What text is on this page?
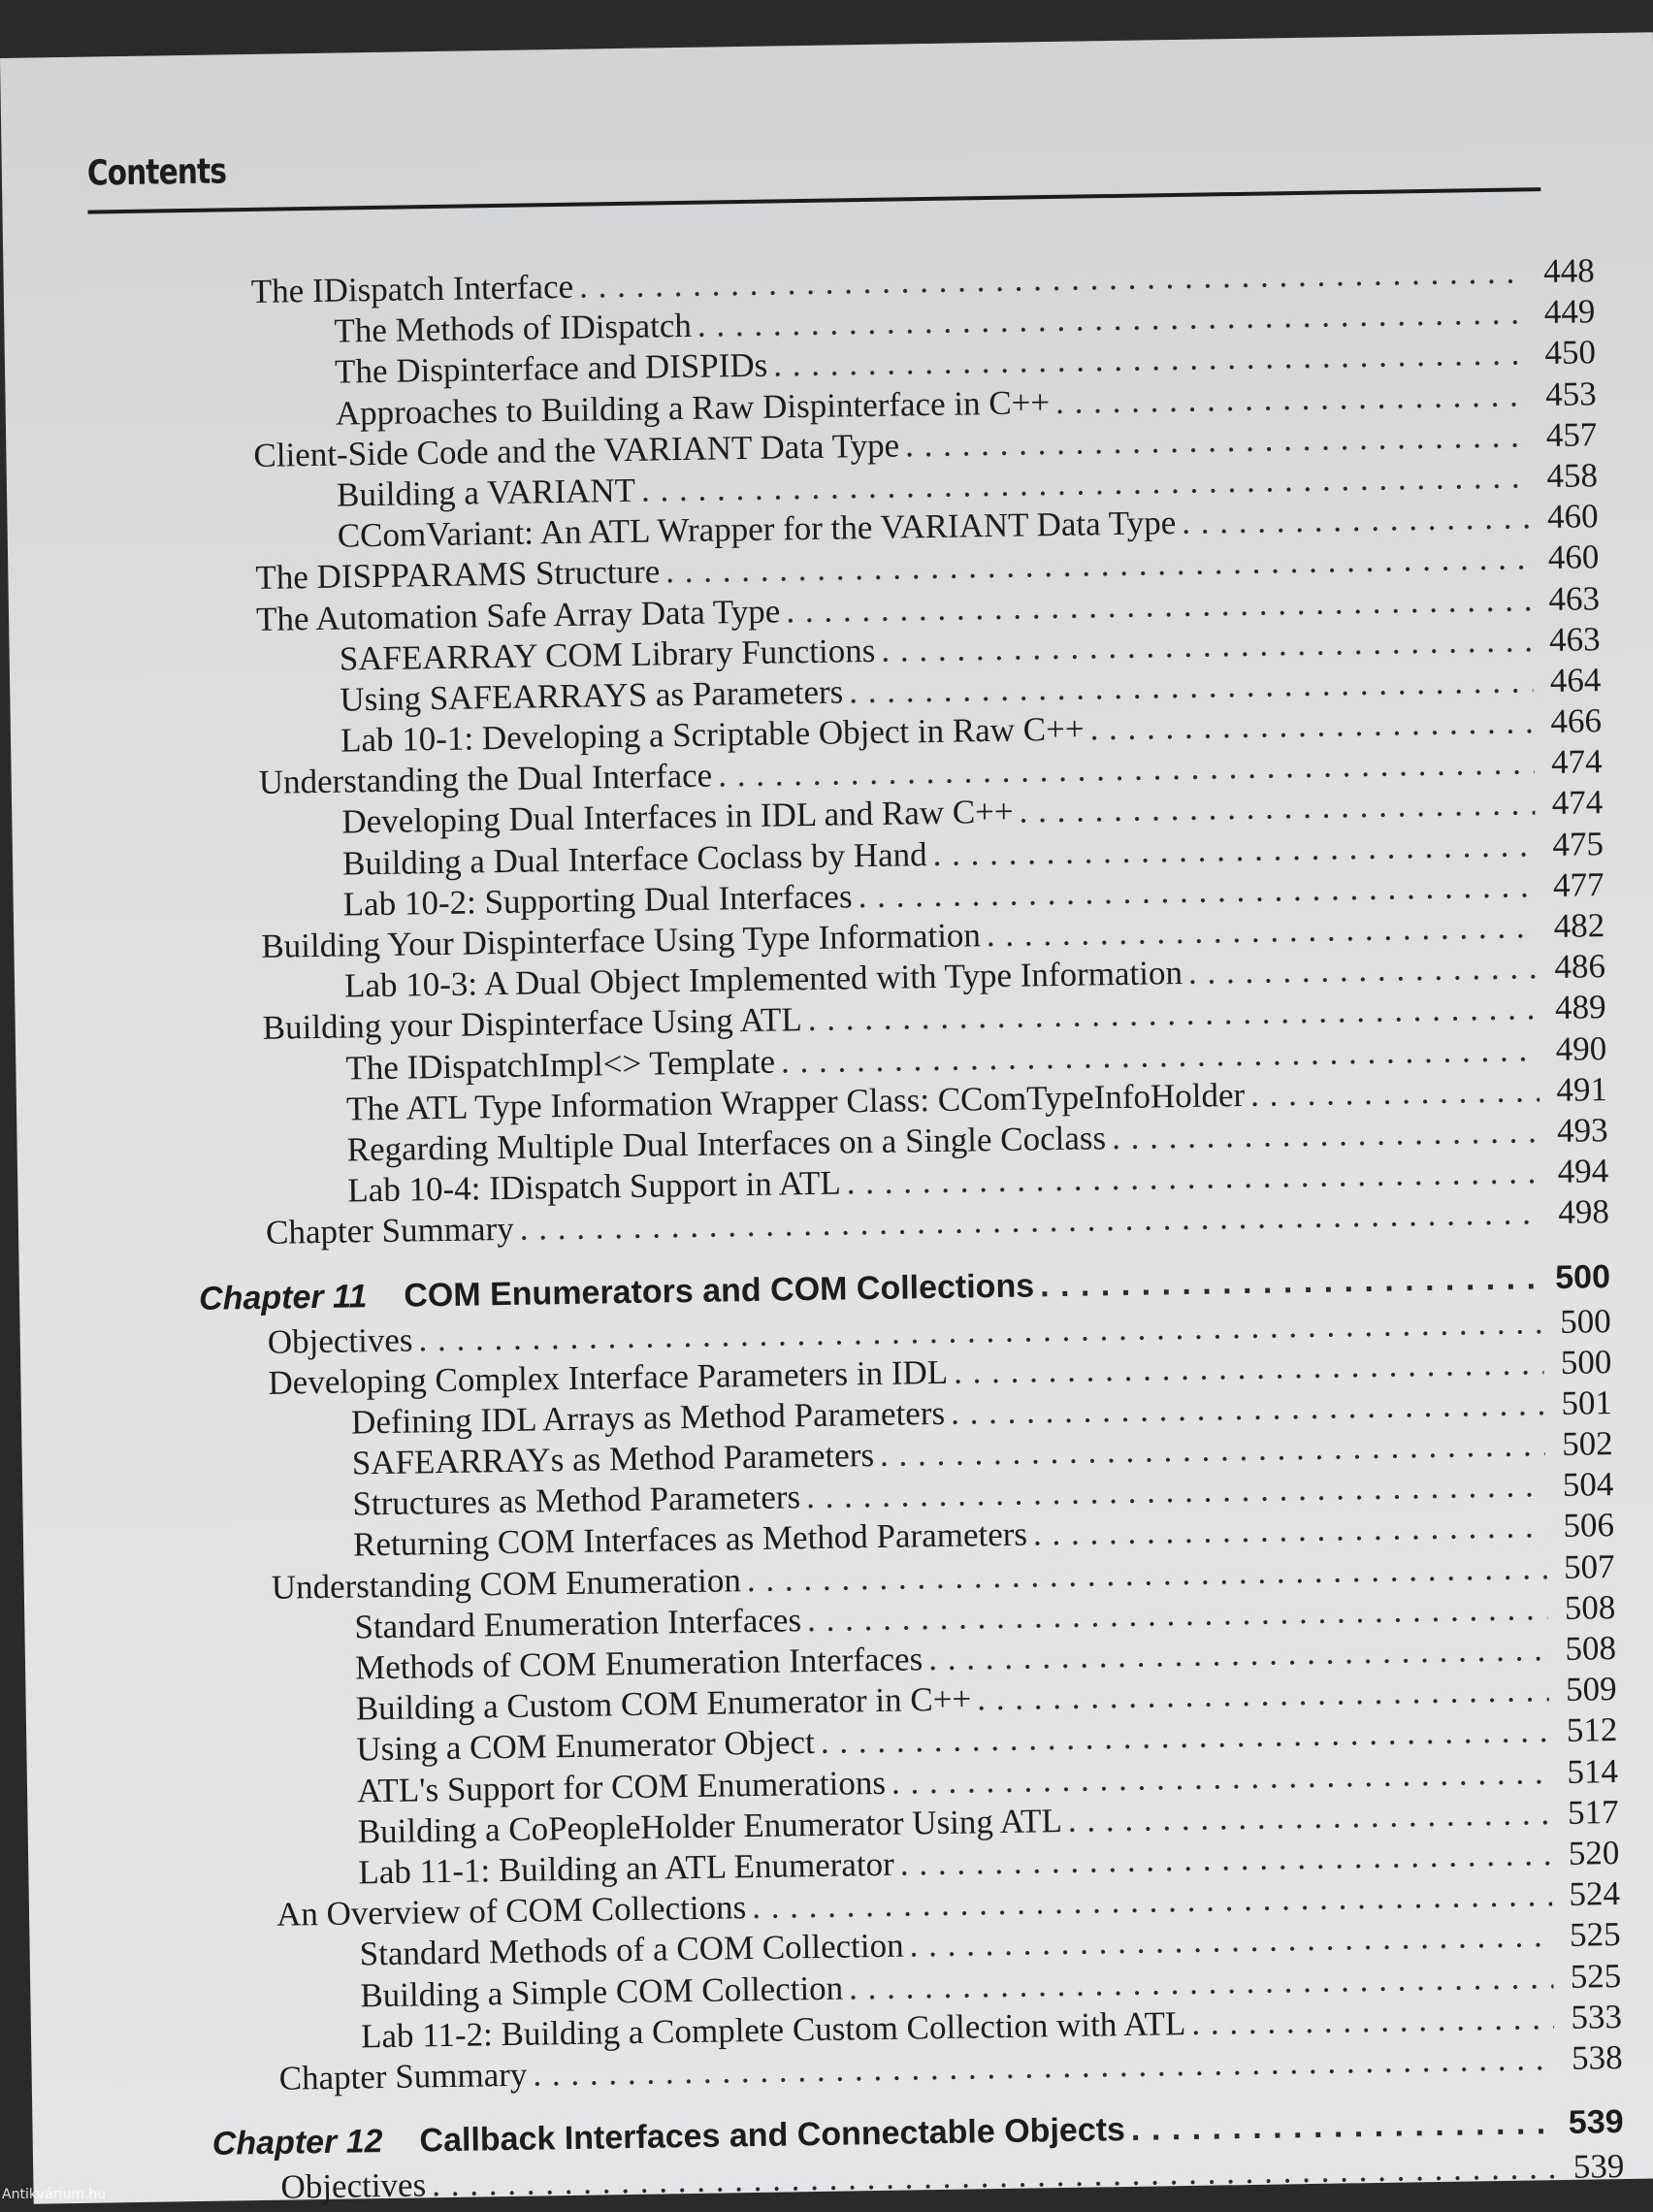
Contents
The IDispatch Interface . . .	448
The Methods of IDispatch . . .	449
The Dispinterface and DISPIDs . . .	450
Approaches to Building a Raw Dispinterface in C++ . . .	453
Client-Side Code and the VARIANT Data Type . . .	457
Building a VARIANT . . .	458
CComVariant: An ATL Wrapper for the VARIANT Data Type . . .	460
The DISPPARAMS Structure . . .	460
The Automation Safe Array Data Type . . .	463
SAFEARRAY COM Library Functions . . .	463
Using SAFEARRAYS as Parameters . . .	464
Lab 10-1: Developing a Scriptable Object in Raw C++ . . .	466
Understanding the Dual Interface . . .	474
Developing Dual Interfaces in IDL and Raw C++ . . .	474
Building a Dual Interface Coclass by Hand . . .	475
Lab 10-2: Supporting Dual Interfaces . . .	477
Building Your Dispinterface Using Type Information . . .	482
Lab 10-3: A Dual Object Implemented with Type Information . . .	486
Building your Dispinterface Using ATL . . .	489
The IDispatchImpl<> Template . . .	490
The ATL Type Information Wrapper Class: CComTypeInfoHolder . . .	491
Regarding Multiple Dual Interfaces on a Single Coclass . . .	493
Lab 10-4: IDispatch Support in ATL . . .	494
Chapter Summary . . .	498
Chapter 11 COM Enumerators and COM Collections . . .	500
Objectives . . .	500
Developing Complex Interface Parameters in IDL . . .	500
Defining IDL Arrays as Method Parameters . . .	501
SAFEARRAYs as Method Parameters . . .	502
Structures as Method Parameters . . .	504
Returning COM Interfaces as Method Parameters . . .	506
Understanding COM Enumeration . . .	507
Standard Enumeration Interfaces . . .	508
Methods of COM Enumeration Interfaces . . .	508
Building a Custom COM Enumerator in C++ . . .	509
Using a COM Enumerator Object . . .	512
ATL's Support for COM Enumerations . . .	514
Building a CoPeopleHolder Enumerator Using ATL . . .	517
Lab 11-1: Building an ATL Enumerator . . .	520
An Overview of COM Collections . . .	524
Standard Methods of a COM Collection . . .	525
Building a Simple COM Collection . . .	525
Lab 11-2: Building a Complete Custom Collection with ATL . . .	533
Chapter Summary . . .	538
Chapter 12 Callback Interfaces and Connectable Objects . . .	539
Objectives . . .	539
Antikvárium.hu
